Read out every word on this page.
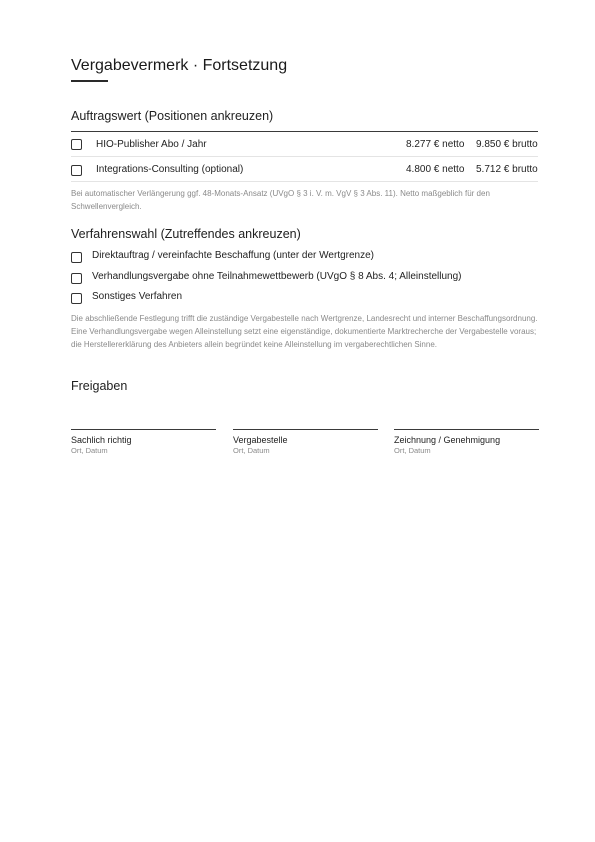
Vergabevermerk · Fortsetzung
Auftragswert (Positionen ankreuzen)
HIO-Publisher Abo / Jahr	8.277 € netto 9.850 € brutto
Integrations-Consulting (optional)	4.800 € netto 5.712 € brutto
Bei automatischer Verlängerung ggf. 48-Monats-Ansatz (UVgO § 3 i. V. m. VgV § 3 Abs. 11). Netto maßgeblich für den Schwellenvergleich.
Verfahrenswahl (Zutreffendes ankreuzen)
Direktauftrag / vereinfachte Beschaffung (unter der Wertgrenze)
Verhandlungsvergabe ohne Teilnahmewettbewerb (UVgO § 8 Abs. 4; Alleinstellung)
Sonstiges Verfahren
Die abschließende Festlegung trifft die zuständige Vergabestelle nach Wertgrenze, Landesrecht und interner Beschaffungsordnung. Eine Verhandlungsvergabe wegen Alleinstellung setzt eine eigenständige, dokumentierte Marktrecherche der Vergabestelle voraus; die Herstellererklärung des Anbieters allein begründet keine Alleinstellung im vergaberechtlichen Sinne.
Freigaben
Sachlich richtig
Ort, Datum
Vergabestelle
Ort, Datum
Zeichnung / Genehmigung
Ort, Datum
